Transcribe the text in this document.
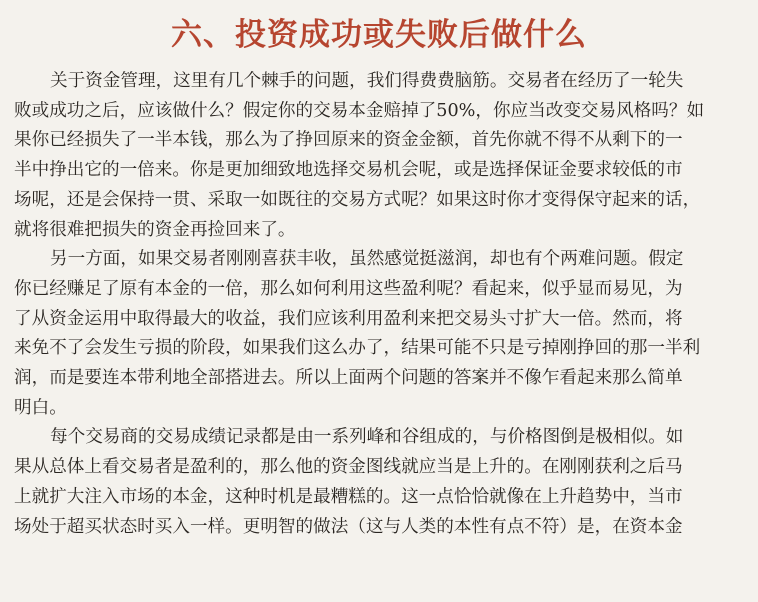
六、投资成功或失败后做什么
关于资金管理，这里有几个棘手的问题，我们得费费脑筋。交易者在经历了一轮失
败或成功之后，应该做什么？假定你的交易本金赔掉了50%，你应当改变交易风格吗？如
果你已经损失了一半本钱，那么为了挣回原来的资金金额，首先你就不得不从剩下的一
半中挣出它的一倍来。你是更加细致地选择交易机会呢，或是选择保证金要求较低的市
场呢，还是会保持一贯、采取一如既往的交易方式呢？如果这时你才变得保守起来的话，
就将很难把损失的资金再捡回来了。
另一方面，如果交易者刚刚喜获丰收，虽然感觉挺滋润，却也有个两难问题。假定
你已经赚足了原有本金的一倍，那么如何利用这些盈利呢？看起来，似乎显而易见，为
了从资金运用中取得最大的收益，我们应该利用盈利来把交易头寸扩大一倍。然而，将
来免不了会发生亏损的阶段，如果我们这么办了，结果可能不只是亏掉刚挣回的那一半利
润，而是要连本带利地全部搭进去。所以上面两个问题的答案并不像乍看起来那么简单
明白。
每个交易商的交易成绩记录都是由一系列峰和谷组成的，与价格图倒是极相似。如
果从总体上看交易者是盈利的，那么他的资金图线就应当是上升的。在刚刚获利之后马
上就扩大注入市场的本金，这种时机是最糟糕的。这一点恰恰就像在上升趋势中，当市
场处于超买状态时买入一样。更明智的做法（这与人类的本性有点不符）是，在资本金
